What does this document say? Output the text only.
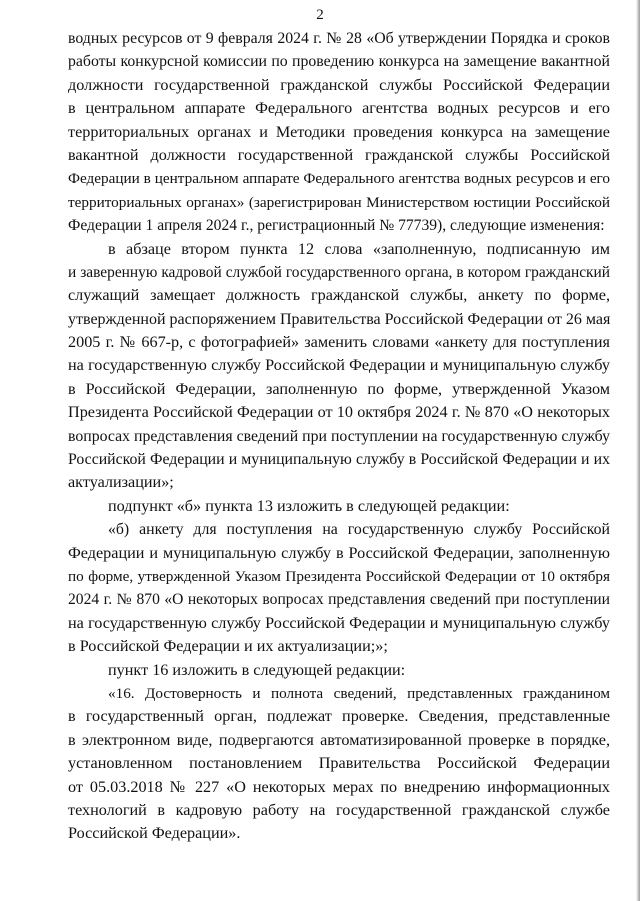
2
водных ресурсов от 9 февраля 2024 г. № 28 «Об утверждении Порядка и сроков
работы конкурсной комиссии по проведению конкурса на замещение вакантной
должности государственной гражданской службы Российской Федерации
в центральном аппарате Федерального агентства водных ресурсов и его
территориальных органах и Методики проведения конкурса на замещение
вакантной должности государственной гражданской службы Российской
Федерации в центральном аппарате Федерального агентства водных ресурсов и его
территориальных органах» (зарегистрирован Министерством юстиции Российской
Федерации 1 апреля 2024 г., регистрационный № 77739), следующие изменения:
в абзаце втором пункта 12 слова «заполненную, подписанную им
и заверенную кадровой службой государственного органа, в котором гражданский
служащий замещает должность гражданской службы, анкету по форме,
утвержденной распоряжением Правительства Российской Федерации от 26 мая
2005 г. № 667-р, с фотографией» заменить словами «анкету для поступления
на государственную службу Российской Федерации и муниципальную службу
в Российской Федерации, заполненную по форме, утвержденной Указом
Президента Российской Федерации от 10 октября 2024 г. № 870 «О некоторых
вопросах представления сведений при поступлении на государственную службу
Российской Федерации и муниципальную службу в Российской Федерации и их
актуализации»;
подпункт «б» пункта 13 изложить в следующей редакции:
«б) анкету для поступления на государственную службу Российской
Федерации и муниципальную службу в Российской Федерации, заполненную
по форме, утвержденной Указом Президента Российской Федерации от 10 октября
2024 г. № 870 «О некоторых вопросах представления сведений при поступлении
на государственную службу Российской Федерации и муниципальную службу
в Российской Федерации и их актуализации;»;
пункт 16 изложить в следующей редакции:
«16. Достоверность и полнота сведений, представленных гражданином
в государственный орган, подлежат проверке. Сведения, представленные
в электронном виде, подвергаются автоматизированной проверке в порядке,
установленном постановлением Правительства Российской Федерации
от 05.03.2018 № 227 «О некоторых мерах по внедрению информационных
технологий в кадровую работу на государственной гражданской службе
Российской Федерации».
